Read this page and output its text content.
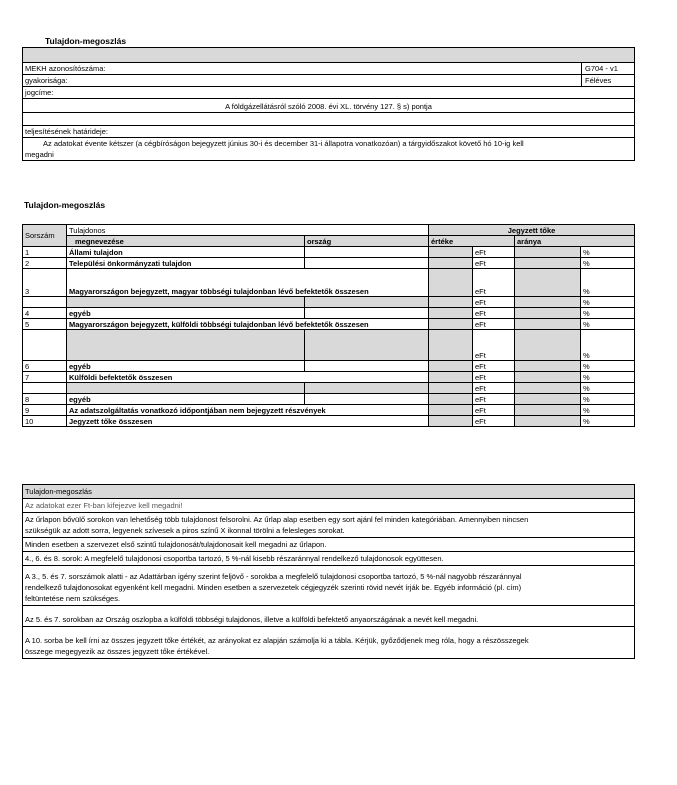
Tulajdon-megoszlás
MEKH azonosítószáma:	G704 - v1
gyakorisága:	Féléves
jogcíme:
A földgázellátásról szóló 2008. évi XL. törvény 127. § s) pontja
teljesítésének határideje:
Az adatokat évente kétszer (a cégbíróságon bejegyzett június 30-i és december 31-i állapotra vonatkozóan) a tárgyidőszakot követő hó 10-ig kell
megadni
Tulajdon-megoszlás
Sorszám	Tulajdonos		Jegyzett tőke			
	megnevezése	ország	értéke		aránya	
1	Állami tulajdon			eFt		%
2	Települési önkormányzati tulajdon			eFt		%
3	Magyarországon bejegyzett, magyar többségi tulajdonban lévő befektetők összesen			eFt		%
				eFt		%
4	egyéb			eFt		%
5	Magyarországon bejegyzett, külföldi többségi tulajdonban lévő befektetők összesen			eFt		%
				eFt		%
6	egyéb			eFt		%
7	Külföldi befektetők összesen			eFt		%
				eFt		%
8	egyéb			eFt		%
9	Az adatszolgáltatás vonatkozó időpontjában nem bejegyzett részvények			eFt		%
10	Jegyzett tőke összesen			eFt		%
Tulajdon-megoszlás
Az adatokat ezer Ft-ban kifejezve kell megadni!
Az űrlapon bővülő sorokon van lehetőség több tulajdonost felsorolni. Az űrlap alap esetben egy sort ajánl fel minden kategóriában. Amennyiben nincsen
szükségük az adott sorra, legyenek szívesek a piros színű X ikonnal törölni a felesleges sorokat.
Minden esetben a szervezet első szintű tulajdonosát/tulajdonosait kell megadni az űrlapon.
4., 6. és 8. sorok: A megfelelő tulajdonosi csoportba tartozó, 5 %-nál kisebb részaránnyal rendelkező tulajdonosok együttesen.
A 3., 5. és 7. sorszámok alatti - az Adattárban igény szerint feljövő - sorokba a megfelelő tulajdonosi csoportba tartozó, 5 %-nál nagyobb részaránnyal
rendelkező tulajdonosokat egyenként kell megadni. Minden esetben a szervezetek cégjegyzék szerinti rövid nevét írják be. Egyéb információ (pl. cím)
feltüntetése nem szükséges.
Az 5. és 7. sorokban az Ország oszlopba a külföldi többségi tulajdonos, illetve a külföldi befektető anyaországának a nevét kell megadni.
A 10. sorba be kell írni az összes jegyzett tőke értékét, az arányokat ez alapján számolja ki a tábla. Kérjük, győződjenek meg róla, hogy a részösszegek
összege megegyezik az összes jegyzett tőke értékével.
